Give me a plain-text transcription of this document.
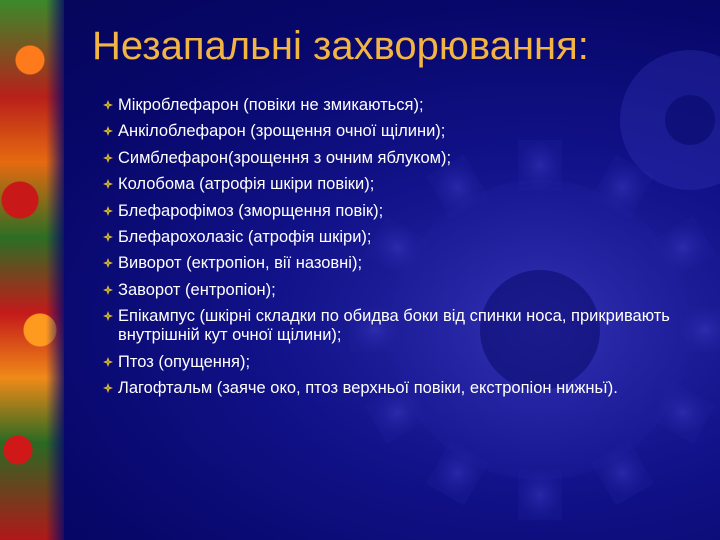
Незапальні захворювання:
Мікроблефарон (повіки не змикаються);
Анкілоблефарон (зрощення очної щілини);
Симблефарон(зрощення з очним яблуком);
Колобома (атрофія шкіри повіки);
Блефарофімоз (зморщення повік);
Блефарохолазіс (атрофія шкіри);
Виворот (ектропіон, вії назовні);
Заворот (ентропіон);
Епікампус (шкірні складки по обидва боки від спинки носа, прикривають внутрішній кут очної щілини);
Птоз (опущення);
Лагофтальм (заяче око, птоз верхньої повіки, екстропіон нижньї).
